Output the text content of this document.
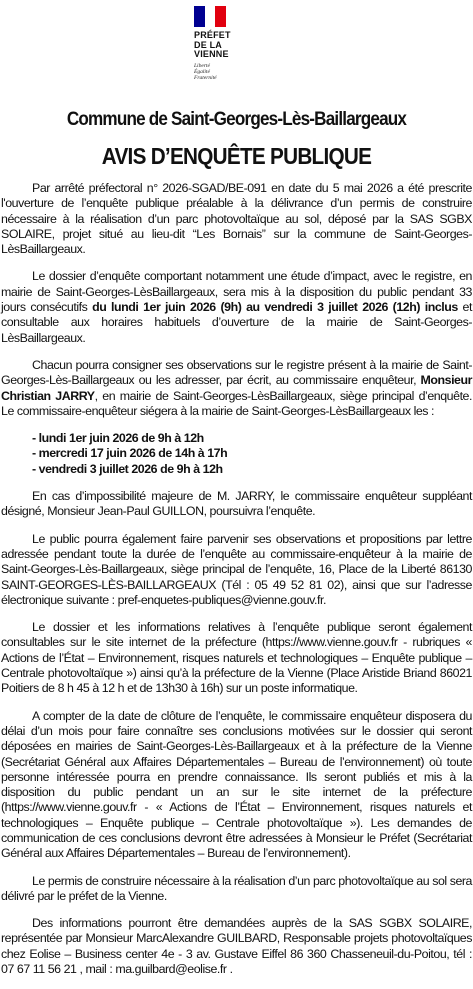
PRÉFET
DE LA VIENNE
Liberté
Égalité
Fraternité
Commune de Saint-Georges-Lès-Baillargeaux
AVIS D’ENQUÊTE PUBLIQUE

Par arrêté préfectoral n° 2026-SGAD/BE-091 en date du 5 mai 2026 a été prescrite l'ouverture de l’enquête publique préalable à la délivrance d’un permis de construire nécessaire à la réalisation d’un parc photovoltaïque au sol, déposé par la SAS SGBX SOLAIRE, projet situé au lieu-dit “Les Bornais” sur la commune de Saint-Georges-LèsBaillargeaux.

Le dossier d’enquête comportant notamment une étude d’impact, avec le registre, en mairie de Saint-Georges-LèsBaillargeaux, sera mis à la disposition du public pendant 33 jours consécutifs du lundi 1er juin 2026 (9h) au vendredi 3 juillet 2026 (12h) inclus et consultable aux horaires habituels d’ouverture de la mairie de Saint-Georges-LèsBaillargeaux.

Chacun pourra consigner ses observations sur le registre présent à la mairie de Saint-Georges-Lès-Baillargeaux ou les adresser, par écrit, au commissaire enquêteur, Monsieur Christian JARRY, en mairie de Saint-Georges-LèsBaillargeaux, siège principal d’enquête. Le commissaire-enquêteur siégera à la mairie de Saint-Georges-LèsBaillargeaux les :

- lundi 1er juin 2026 de 9h à 12h

- mercredi 17 juin 2026 de 14h à 17h

- vendredi 3 juillet 2026 de 9h à 12h

En cas d’impossibilité majeure de M. JARRY, le commissaire enquêteur suppléant désigné, Monsieur Jean-Paul GUILLON, poursuivra l’enquête.

Le public pourra également faire parvenir ses observations et propositions par lettre adressée pendant toute la durée de l’enquête au commissaire-enquêteur à la mairie de Saint-Georges-Lès-Baillargeaux, siège principal de l’enquête, 16, Place de la Liberté 86130 SAINT-GEORGES-LÈS-BAILLARGEAUX (Tél : 05 49 52 81 02), ainsi que sur l’adresse électronique suivante : pref-enquetes-publiques@vienne.gouv.fr.

Le dossier et les informations relatives à l’enquête publique seront également consultables sur le site internet de la préfecture (https://www.vienne.gouv.fr - rubriques « Actions de l’État – Environnement, risques naturels et technologiques – Enquête publique – Centrale photovoltaïque ») ainsi qu’à la préfecture de la Vienne (Place Aristide Briand 86021 Poitiers de 8 h 45 à 12 h et de 13h30 à 16h) sur un poste informatique.

A compter de la date de clôture de l’enquête, le commissaire enquêteur disposera du délai d’un mois pour faire connaître ses conclusions motivées sur le dossier qui seront déposées en mairies de Saint-Georges-Lès-Baillargeaux et à la préfecture de la Vienne (Secrétariat Général aux Affaires Départementales – Bureau de l’environnement) où toute personne intéressée pourra en prendre connaissance. Ils seront publiés et mis à la disposition du public pendant un an sur le site internet de la préfecture (https://www.vienne.gouv.fr - « Actions de l’État – Environnement, risques naturels et technologiques – Enquête publique – Centrale photovoltaïque »). Les demandes de communication de ces conclusions devront être adressées à Monsieur le Préfet (Secrétariat Général aux Affaires Départementales – Bureau de l’environnement).

Le permis de construire nécessaire à la réalisation d’un parc photovoltaïque au sol sera délivré par le préfet de la Vienne.

Des informations pourront être demandées auprès de la SAS SGBX SOLAIRE, représentée par Monsieur MarcAlexandre GUILBARD, Responsable projets photovoltaïques chez Eolise – Business center 4e - 3 av. Gustave Eiffel 86 360 Chasseneuil-du-Poitou, tél : 07 67 11 56 21 , mail : ma.guilbard@eolise.fr .
